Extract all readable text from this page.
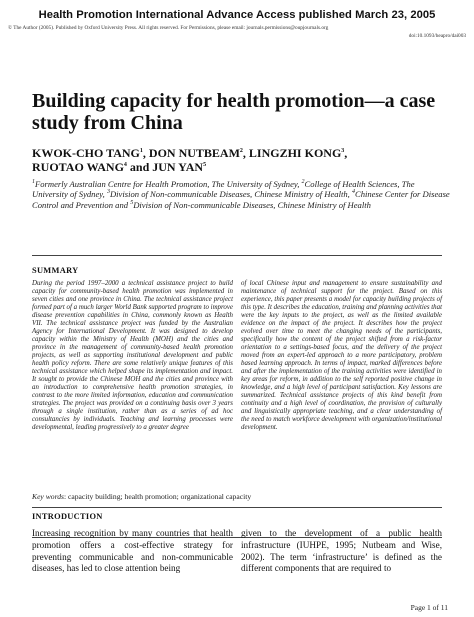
Health Promotion International Advance Access published March 23, 2005
© The Author (2005). Published by Oxford University Press. All rights reserved. For Permissions, please email: journals.permissions@oupjournals.org
doi:10.1093/heapro/dai003
Building capacity for health promotion—a case study from China
KWOK-CHO TANG$^1$, DON NUTBEAM$^2$, LINGZHI KONG$^3$,
RUOTAO WANG$^4$ and JUN YAN$^5$
$^1$Formerly Australian Centre for Health Promotion, The University of Sydney, $^2$College of Health Sciences, The University of Sydney, $^3$Division of Non-communicable Diseases, Chinese Ministry of Health, $^4$Chinese Center for Disease Control and Prevention and $^5$Division of Non-communicable Diseases, Chinese Ministry of Health
SUMMARY
During the period 1997–2000 a technical assistance project to build capacity for community-based health promotion was implemented in seven cities and one province in China. The technical assistance project formed part of a much larger World Bank supported program to improve disease prevention capabilities in China, commonly known as Health VII. The technical assistance project was funded by the Australian Agency for International Development. It was designed to develop capacity within the Ministry of Health (MOH) and the cities and province in the management of community-based health promotion projects, as well as supporting institutional development and public health policy reform. There are some relatively unique features of this technical assistance which helped shape its implementation and impact. It sought to provide the Chinese MOH and the cities and province with an introduction to comprehensive health promotion strategies, in contrast to the more limited information, education and communication strategies. The project was provided on a continuing basis over 3 years through a single institution, rather than as a series of ad hoc consultancies by individuals. Teaching and learning processes were developmental, leading progressively to a greater degree
of local Chinese input and management to ensure sustainability and maintenance of technical support for the project. Based on this experience, this paper presents a model for capacity building projects of this type. It describes the education, training and planning activities that were the key inputs to the project, as well as the limited available evidence on the impact of the project. It describes how the project evolved over time to meet the changing needs of the participants, specifically how the content of the project shifted from a risk-factor orientation to a settings-based focus, and the delivery of the project moved from an expert-led approach to a more participatory, problem based learning approach. In terms of impact, marked differences before and after the implementation of the training activities were identified in key areas for reform, in addition to the self reported positive change in knowledge, and a high level of participant satisfaction. Key lessons are summarized. Technical assistance projects of this kind benefit from continuity and a high level of coordination, the provision of culturally and linguistically appropriate teaching, and a clear understanding of the need to match workforce development with organization/institutional development.
Key words: capacity building; health promotion; organizational capacity
INTRODUCTION
Increasing recognition by many countries that health promotion offers a cost-effective strategy for preventing communicable and non-communicable diseases, has led to close attention being
given to the development of a public health infrastructure (IUHPE, 1995; Nutbeam and Wise, 2002). The term ‘infrastructure’ is defined as the different components that are required to
Page 1 of 11
